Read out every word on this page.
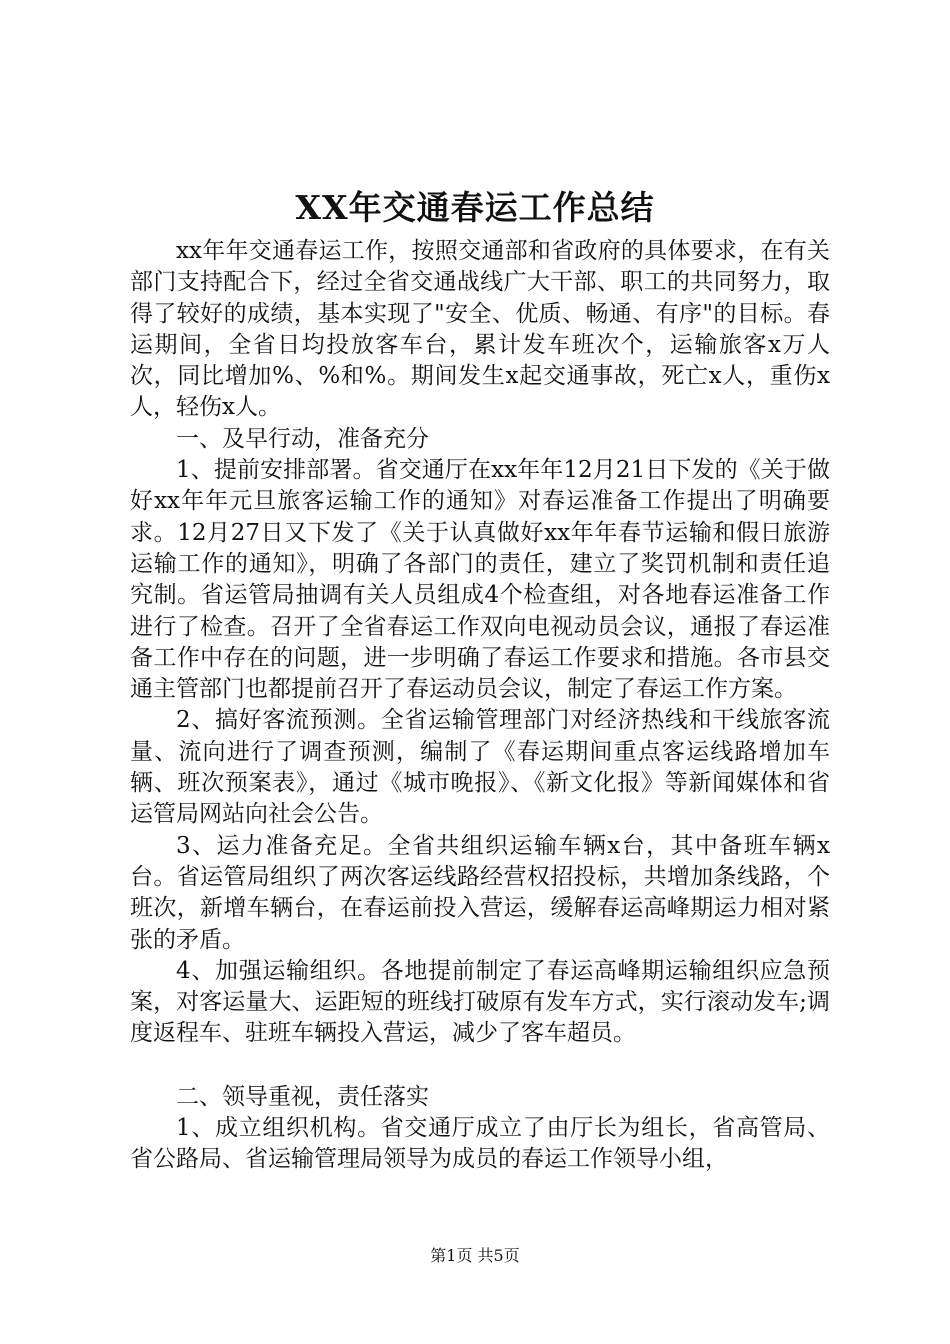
XX年交通春运工作总结

xx年年交通春运工作，按照交通部和省政府的具体要求，在有关部门支持配合下，经过全省交通战线广大干部、职工的共同努力，取得了较好的成绩，基本实现了"安全、优质、畅通、有序"的目标。春运期间，全省日均投放客车台，累计发车班次个，运输旅客x万人次，同比增加%、%和%。期间发生x起交通事故，死亡x人，重伤x人，轻伤x人。

一、及早行动，准备充分

1、提前安排部署。省交通厅在xx年年12月21日下发的《关于做好xx年年元旦旅客运输工作的通知》对春运准备工作提出了明确要求。12月27日又下发了《关于认真做好xx年年春节运输和假日旅游运输工作的通知》，明确了各部门的责任，建立了奖罚机制和责任追究制。省运管局抽调有关人员组成4个检查组，对各地春运准备工作进行了检查。召开了全省春运工作双向电视动员会议，通报了春运准备工作中存在的问题，进一步明确了春运工作要求和措施。各市县交通主管部门也都提前召开了春运动员会议，制定了春运工作方案。

2、搞好客流预测。全省运输管理部门对经济热线和干线旅客流量、流向进行了调查预测，编制了《春运期间重点客运线路增加车辆、班次预案表》，通过《城市晚报》、《新文化报》等新闻媒体和省运管局网站向社会公告。

3、运力准备充足。全省共组织运输车辆x台，其中备班车辆x台。省运管局组织了两次客运线路经营权招投标，共增加条线路，个班次，新增车辆台，在春运前投入营运，缓解春运高峰期运力相对紧张的矛盾。

4、加强运输组织。各地提前制定了春运高峰期运输组织应急预案，对客运量大、运距短的班线打破原有发车方式，实行滚动发车;调度返程车、驻班车辆投入营运，减少了客车超员。

二、领导重视，责任落实

1、成立组织机构。省交通厅成立了由厅长为组长，省高管局、省公路局、省运输管理局领导为成员的春运工作领导小组，

第1页 共5页
